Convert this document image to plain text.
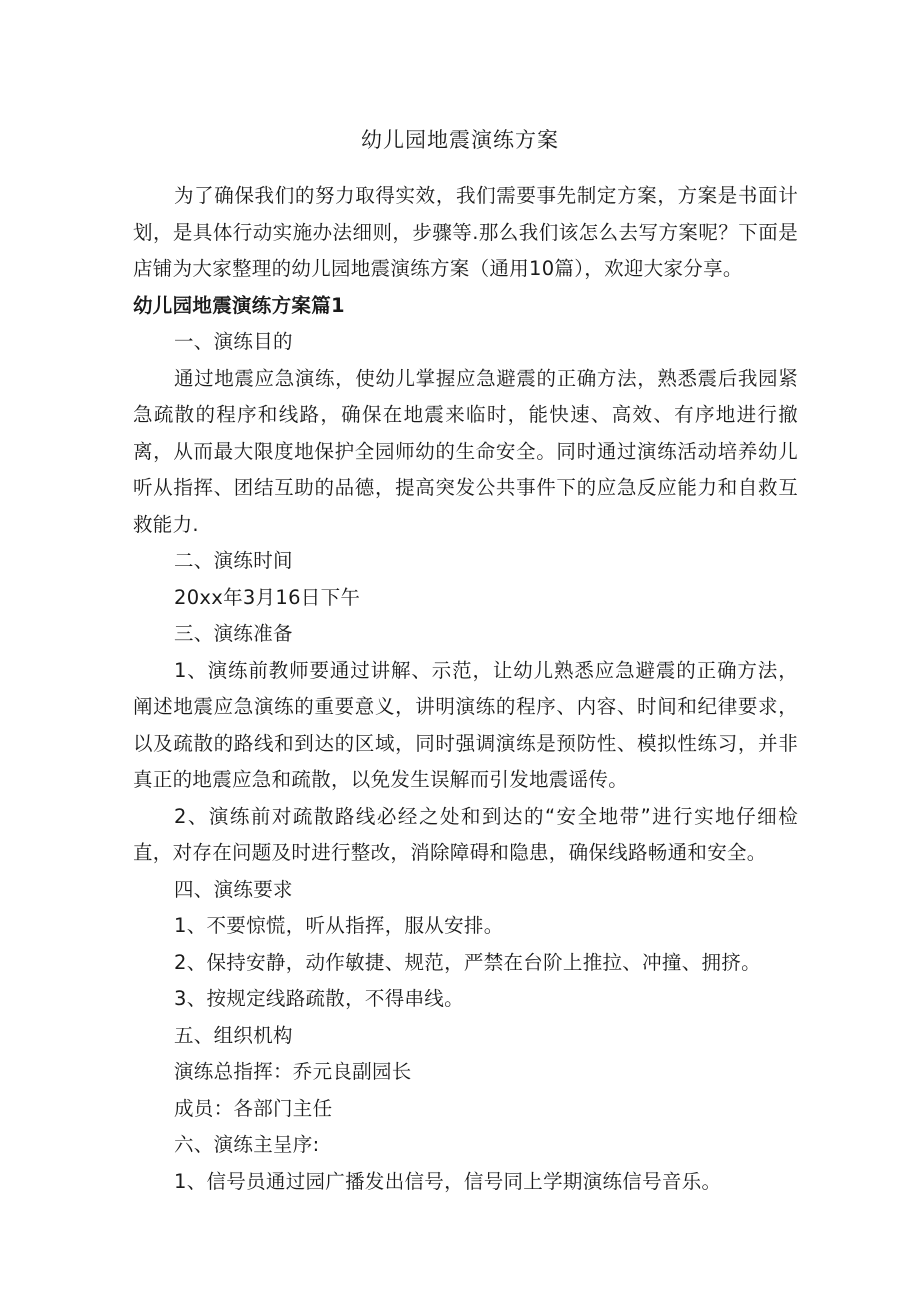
幼儿园地震演练方案

为了确保我们的努力取得实效，我们需要事先制定方案，方案是书面计划，是具体行动实施办法细则，步骤等.那么我们该怎么去写方案呢？下面是店铺为大家整理的幼儿园地震演练方案（通用10篇），欢迎大家分享。

幼儿园地震演练方案篇1

一、演练目的

通过地震应急演练，使幼儿掌握应急避震的正确方法，熟悉震后我园紧急疏散的程序和线路，确保在地震来临时，能快速、高效、有序地进行撤离，从而最大限度地保护全园师幼的生命安全。同时通过演练活动培养幼儿听从指挥、团结互助的品德，提高突发公共事件下的应急反应能力和自救互救能力.

二、演练时间

20xx年3月16日下午

三、演练准备

1、演练前教师要通过讲解、示范，让幼儿熟悉应急避震的正确方法，阐述地震应急演练的重要意义，讲明演练的程序、内容、时间和纪律要求，以及疏散的路线和到达的区域，同时强调演练是预防性、模拟性练习，并非真正的地震应急和疏散，以免发生误解而引发地震谣传。

2、演练前对疏散路线必经之处和到达的“安全地带”进行实地仔细检直，对存在问题及时进行整改，消除障碍和隐患，确保线路畅通和安全。

四、演练要求

1、不要惊慌，听从指挥，服从安排。

2、保持安静，动作敏捷、规范，严禁在台阶上推拉、冲撞、拥挤。

3、按规定线路疏散，不得串线。

五、组织机构

演练总指挥：乔元良副园长

成员：各部门主任

六、演练主呈序:

1、信号员通过园广播发出信号，信号同上学期演练信号音乐。
